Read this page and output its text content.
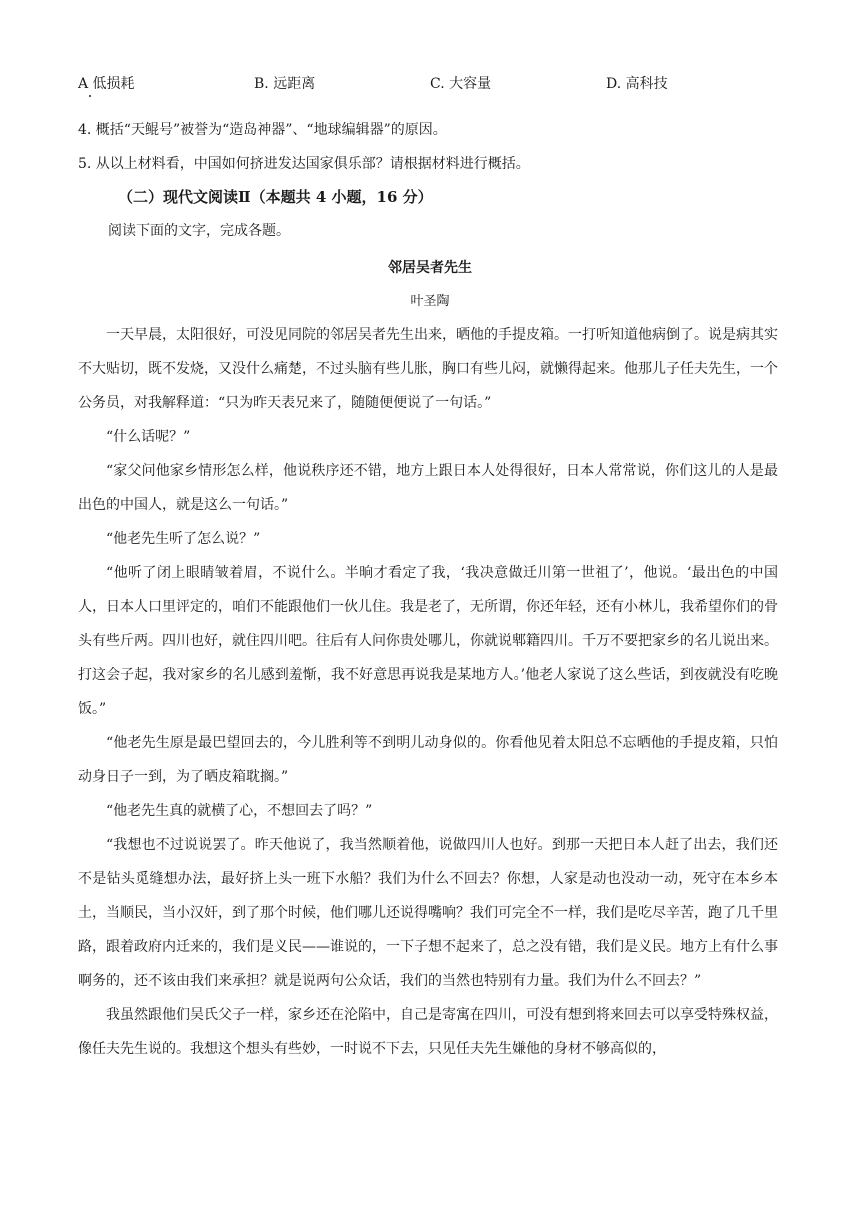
A 低损耗	B. 远距离	C. 大容量	D. 高科技
4. 概括“天鲲号”被誉为“造岛神器”、“地球编辑器”的原因。
5. 从以上材料看，中国如何挤进发达国家俱乐部？请根据材料进行概括。
（二）现代文阅读Ⅱ（本题共 4 小题，16 分）
阅读下面的文字，完成各题。
邻居吴者先生
叶圣陶

一天早晨，太阳很好，可没见同院的邻居吴者先生出来，晒他的手提皮箱。一打听知道他病倒了。说是病其实不大贴切，既不发烧，又没什么痛楚，不过头脑有些儿胀，胸口有些儿闷，就懒得起来。他那儿子任夫先生，一个公务员，对我解释道：“只为昨天表兄来了，随随便便说了一句话。”

“什么话呢？”

“家父问他家乡情形怎么样，他说秩序还不错，地方上跟日本人处得很好，日本人常常说，你们这儿的人是最出色的中国人，就是这么一句话。”

“他老先生听了怎么说？”

“他听了闭上眼睛皱着眉，不说什么。半晌才看定了我，‘我决意做迁川第一世祖了’，他说。‘最出色的中国人，日本人口里评定的，咱们不能跟他们一伙儿住。我是老了，无所谓，你还年轻，还有小林儿，我希望你们的骨头有些斤两。四川也好，就住四川吧。往后有人问你贵处哪儿，你就说郫籍四川。千万不要把家乡的名儿说出来。打这会子起，我对家乡的名儿感到羞惭，我不好意思再说我是某地方人。’他老人家说了这么些话，到夜就没有吃晚饭。”

“他老先生原是最巴望回去的，今儿胜利等不到明儿动身似的。你看他见着太阳总不忘晒他的手提皮箱，只怕动身日子一到，为了晒皮箱耽搁。”

“他老先生真的就横了心，不想回去了吗？”

“我想也不过说说罢了。昨天他说了，我当然顺着他，说做四川人也好。到那一天把日本人赶了出去，我们还不是钻头觅缝想办法，最好挤上头一班下水船？我们为什么不回去？你想，人家是动也没动一动，死守在本乡本土，当顺民，当小汉奸，到了那个时候，他们哪儿还说得嘴响？我们可完全不一样，我们是吃尽辛苦，跑了几千里路，跟着政府内迁来的，我们是义民——谁说的，一下子想不起来了，总之没有错，我们是义民。地方上有什么事啊务的，还不该由我们来承担？就是说两句公众话，我们的当然也特别有力量。我们为什么不回去？”

我虽然跟他们吴氏父子一样，家乡还在沦陷中，自己是寄寓在四川，可没有想到将来回去可以享受特殊权益，像任夫先生说的。我想这个想头有些妙，一时说不下去，只见任夫先生嫌他的身材不够高似的，
